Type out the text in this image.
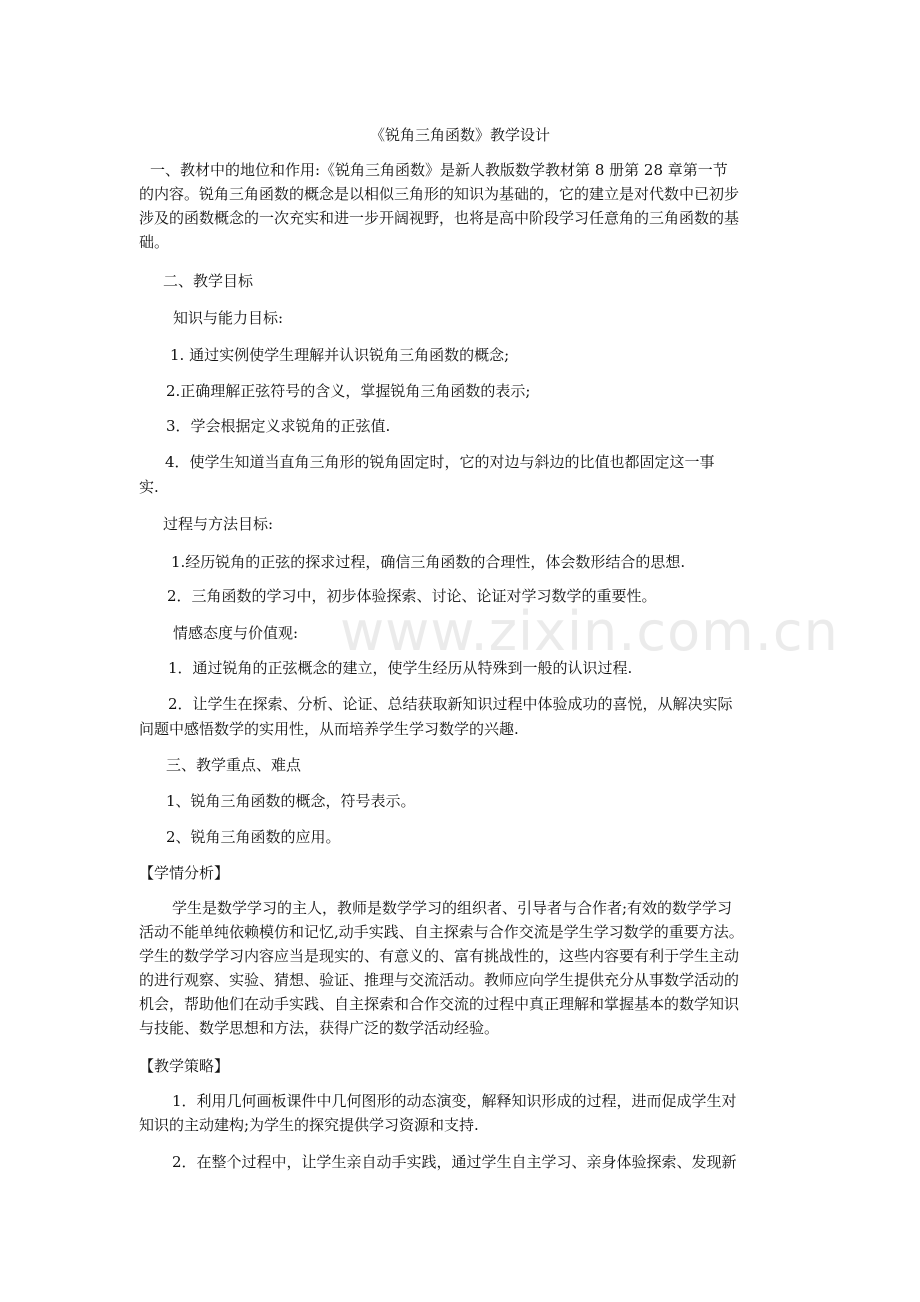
www.zixin.com.cn
《锐角三角函数》教学设计
一、教材中的地位和作用:《锐角三角函数》是新人教版数学教材第 8 册第 28 章第一节
的内容。锐角三角函数的概念是以相似三角形的知识为基础的，它的建立是对代数中已初步
涉及的函数概念的一次充实和进一步开阔视野，也将是高中阶段学习任意角的三角函数的基
础。
二、教学目标
知识与能力目标:
1. 通过实例使学生理解并认识锐角三角函数的概念;
2.正确理解正弦符号的含义，掌握锐角三角函数的表示;
3．学会根据定义求锐角的正弦值.
4．使学生知道当直角三角形的锐角固定时，它的对边与斜边的比值也都固定这一事
实.
过程与方法目标:
1.经历锐角的正弦的探求过程，确信三角函数的合理性，体会数形结合的思想.
2．三角函数的学习中，初步体验探索、讨论、论证对学习数学的重要性。
情感态度与价值观:
1．通过锐角的正弦概念的建立，使学生经历从特殊到一般的认识过程.
2．让学生在探索、分析、论证、总结获取新知识过程中体验成功的喜悦，从解决实际
问题中感悟数学的实用性，从而培养学生学习数学的兴趣.
三、教学重点、难点
1、锐角三角函数的概念，符号表示。
2、锐角三角函数的应用。
【学情分析】
学生是数学学习的主人，教师是数学学习的组织者、引导者与合作者;有效的数学学习
活动不能单纯依赖模仿和记忆,动手实践、自主探索与合作交流是学生学习数学的重要方法。
学生的数学学习内容应当是现实的、有意义的、富有挑战性的，这些内容要有利于学生主动
的进行观察、实验、猜想、验证、推理与交流活动。教师应向学生提供充分从事数学活动的
机会，帮助他们在动手实践、自主探索和合作交流的过程中真正理解和掌握基本的数学知识
与技能、数学思想和方法，获得广泛的数学活动经验。
【教学策略】
1．利用几何画板课件中几何图形的动态演变，解释知识形成的过程，进而促成学生对
知识的主动建构;为学生的探究提供学习资源和支持.
2．在整个过程中，让学生亲自动手实践，通过学生自主学习、亲身体验探索、发现新
